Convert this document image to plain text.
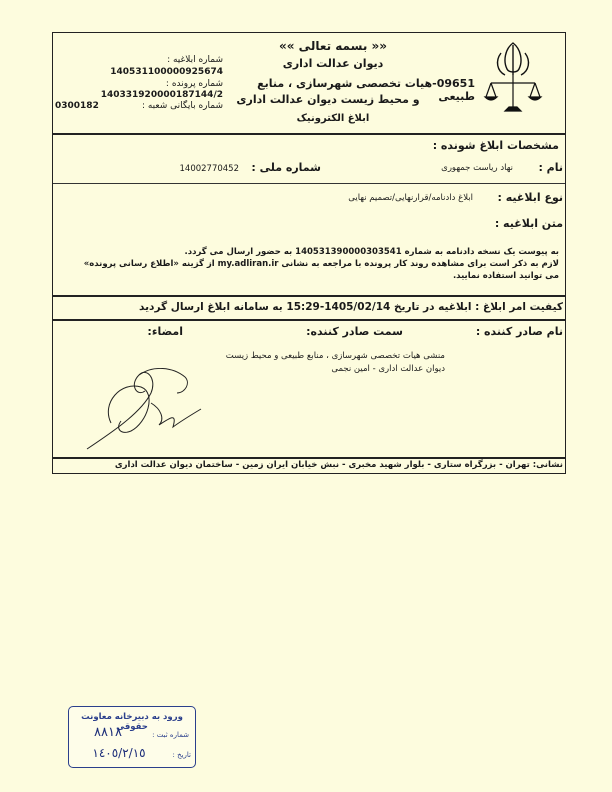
«« بسمه تعالی »»
دیوان عدالت اداری
09651-هیات تخصصی شهرسازی ، منابع طبیعی
و محیط زیست دیوان عدالت اداری
ابلاغ الکترونیک
شماره ابلاغیه :
140531100000925674
شماره پرونده :
140331920000187144/2
شماره بایگانی شعبه :
0300182
مشخصات ابلاغ شونده :
نام :
نهاد ریاست جمهوری
شماره ملی :
14002770452
نوع ابلاغیه :
ابلاغ دادنامه/قرارنهایی/تصمیم نهایی
متن ابلاغیه :
به پیوست یک نسخه دادنامه به شماره 140531390000303541 به حضور ارسال می گردد.
لازم به ذکر است برای مشاهده روند کار پرونده با مراجعه به نشانی my.adliran.ir از گزینه «اطلاع رسانی پرونده»
می توانید استفاده نمایید.
کیفیت امر ابلاغ : ابلاغیه در تاریخ 1405/02/14-15:29 به سامانه ابلاغ ارسال گردید
نام صادر کننده :
سمت صادر کننده:
امضاء:
منشی هیات تخصصی شهرسازی ، منابع طبیعی و محیط زیست
دیوان عدالت اداری - امین نجمی
نشانی: تهران - بزرگراه ستاری - بلوار شهید مخبری - نبش خیابان ایران زمین - ساختمان دیوان عدالت اداری
ورود به دبیرخانه معاونت حقوقی
شماره ثبت :
٨٨١٨
تاریخ :
١٤٠٥/٢/١٥
